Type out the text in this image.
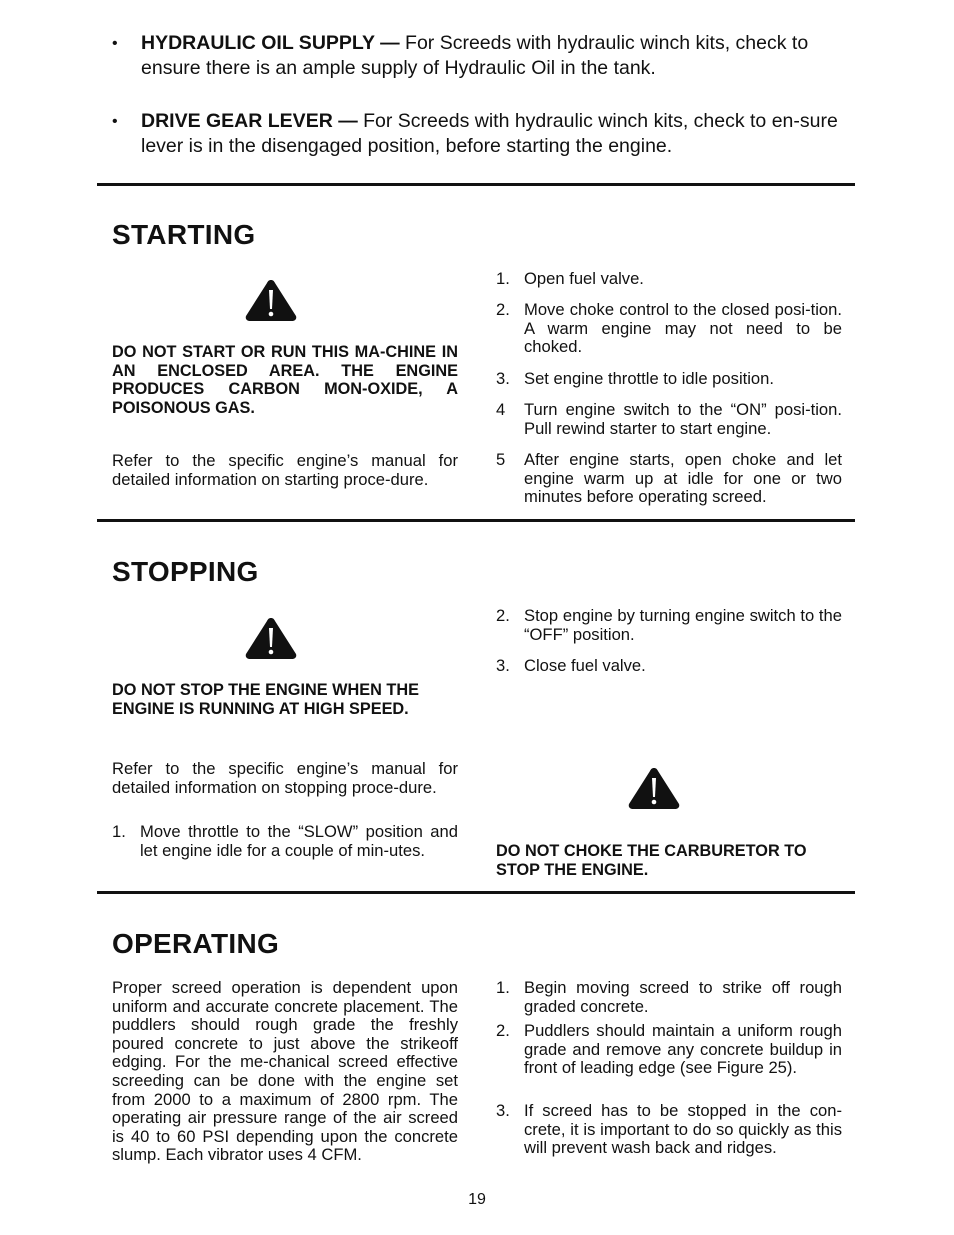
•	HYDRAULIC OIL SUPPLY — For Screeds with hydraulic winch kits, check to ensure there is an ample supply of Hydraulic Oil in the tank.
•	DRIVE GEAR LEVER — For Screeds with hydraulic winch kits, check to en-sure lever is in the disengaged position, before starting the engine.
STARTING
DO NOT START OR RUN THIS MA-CHINE IN AN ENCLOSED AREA. THE ENGINE PRODUCES CARBON MON-OXIDE, A POISONOUS GAS.
Refer to the specific engine’s manual for detailed information on starting proce-dure.
1. Open fuel valve.
2. Move choke control to the closed posi-tion. A warm engine may not need to be choked.
3. Set engine throttle to idle position.
4	Turn engine switch to the “ON” posi-tion. Pull rewind starter to start engine.
5	After engine starts, open choke and let engine warm up at idle for one or two minutes before operating screed.
STOPPING
DO NOT STOP THE ENGINE WHEN THE ENGINE IS RUNNING AT HIGH SPEED.
Refer to the specific engine’s manual for detailed information on stopping proce-dure.
1. Move throttle to the “SLOW” position and let engine idle for a couple of min-utes.
2. Stop engine by turning engine switch to the “OFF” position.
3. Close fuel valve.
DO NOT CHOKE THE CARBURETOR TO STOP THE ENGINE.
OPERATING
Proper screed operation is dependent upon uniform and accurate concrete placement. The puddlers should rough grade the freshly poured concrete to just above the strikeoff edging. For the me-chanical screed effective screeding can be done with the engine set from 2000 to a maximum of 2800 rpm. The operating air pressure range of the air screed is 40 to 60 PSI depending upon the concrete slump. Each vibrator uses 4 CFM.
1. Begin moving screed to strike off rough graded concrete.
2. Puddlers should maintain a uniform rough grade and remove any concrete buildup in front of leading edge (see Figure 25).
3. If screed has to be stopped in the con-crete, it is important to do so quickly as this will prevent wash back and ridges.
19
